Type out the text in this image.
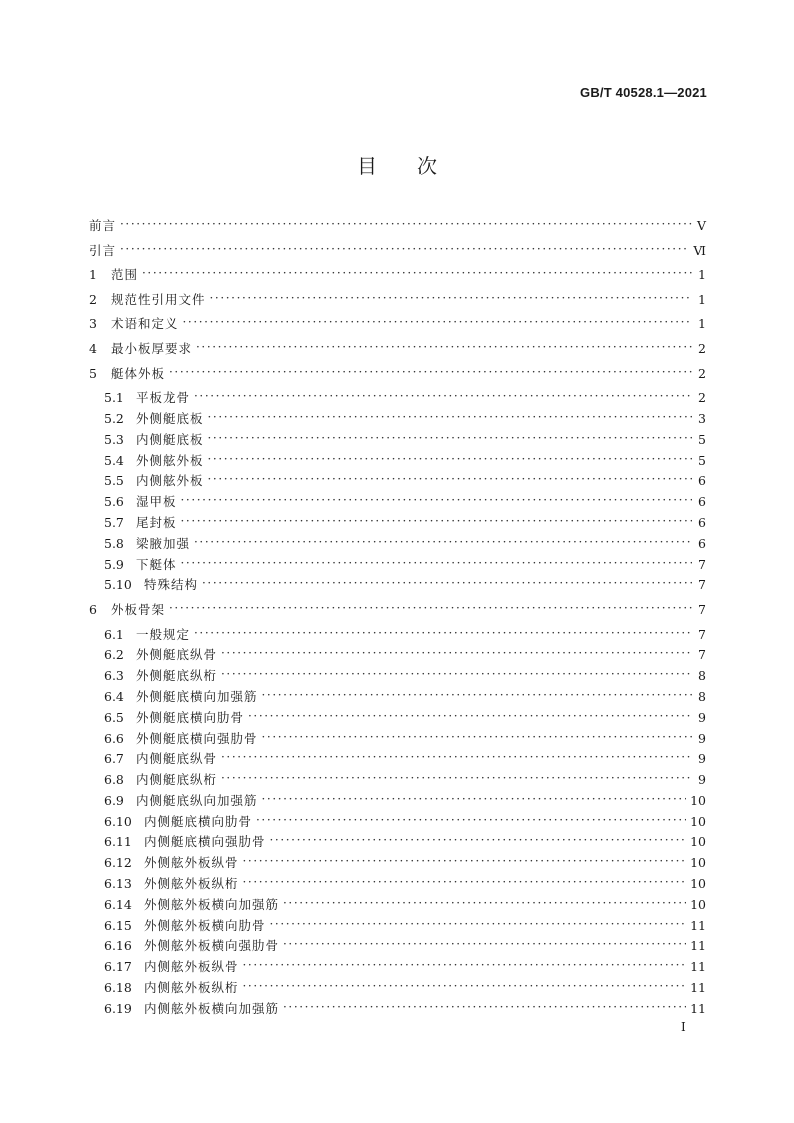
GB/T 40528.1—2021
目次
前言 ·····	Ⅴ
引言 ·····	Ⅵ
1	范围 ·····	1
2	规范性引用文件 ·····	1
3	术语和定义 ·····	1
4	最小板厚要求 ·····	2
5	艇体外板 ·····	2
5.1 平板龙骨 ·····	2
5.2 外侧艇底板 ·····	3
5.3 内侧艇底板 ·····	5
5.4 外侧舷外板 ·····	5
5.5 内侧舷外板 ·····	6
5.6 湿甲板 ·····	6
5.7 尾封板 ·····	6
5.8 梁腋加强 ·····	6
5.9 下艇体 ·····	7
5.10 特殊结构 ·····	7
6	外板骨架 ·····	7
6.1 一般规定 ·····	7
6.2 外侧艇底纵骨 ·····	7
6.3 外侧艇底纵桁 ·····	8
6.4 外侧艇底横向加强筋 ·····	8
6.5 外侧艇底横向肋骨 ·····	9
6.6 外侧艇底横向强肋骨 ·····	9
6.7 内侧艇底纵骨 ·····	9
6.8 内侧艇底纵桁 ·····	9
6.9 内侧艇底纵向加强筋 ·····	10
6.10 内侧艇底横向肋骨 ·····	10
6.11 内侧艇底横向强肋骨 ·····	10
6.12 外侧舷外板纵骨 ·····	10
6.13 外侧舷外板纵桁 ·····	10
6.14 外侧舷外板横向加强筋 ·····	10
6.15 外侧舷外板横向肋骨 ·····	11
6.16 外侧舷外板横向强肋骨 ·····	11
6.17 内侧舷外板纵骨 ·····	11
6.18 内侧舷外板纵桁 ·····	11
6.19 内侧舷外板横向加强筋 ·····	11
I
